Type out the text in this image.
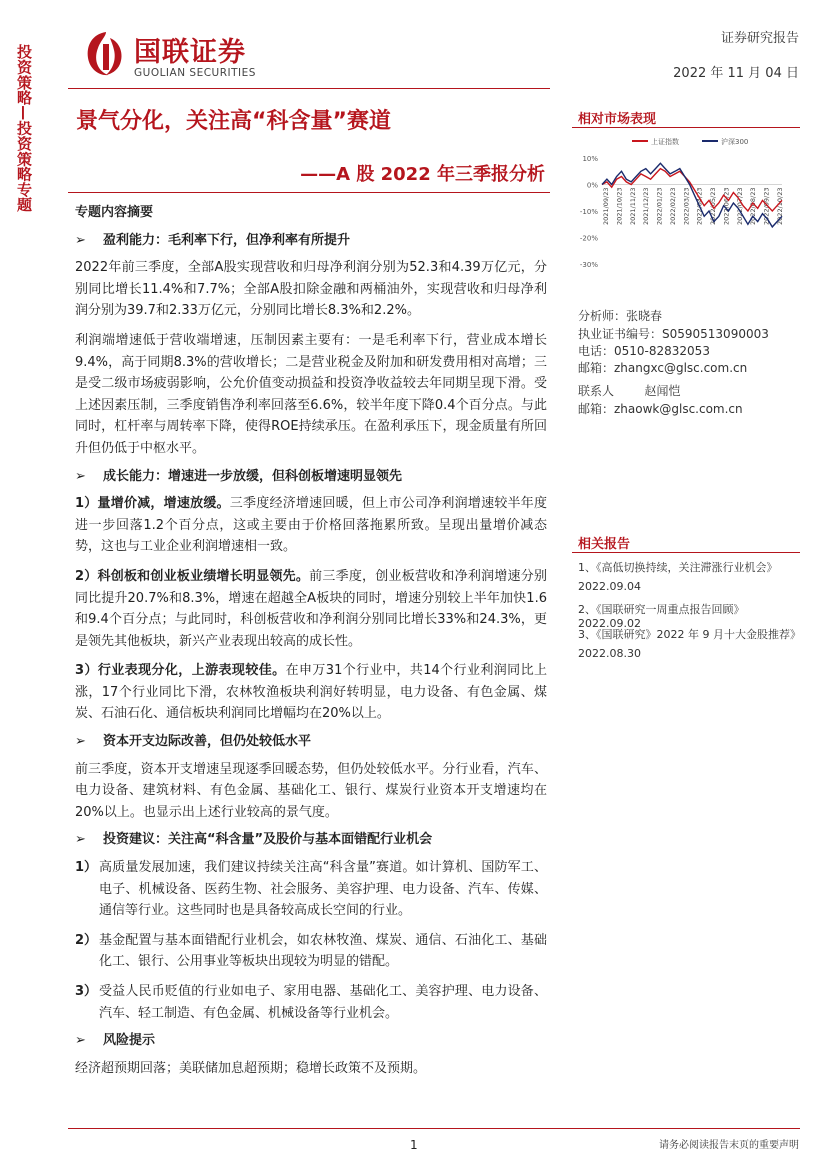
投资策略—投资策略专题	国联证券
GUOLIAN SECURITIES
证券研究报告
2022 年 11 月 04 日
景气分化，关注高“科含量”赛道
——A 股 2022 年三季报分析

专题内容摘要

➢ 盈利能力：毛利率下行，但净利率有所提升

2022年前三季度，全部A股实现营收和归母净利润分别为52.3和4.39万亿元，分别同比增长11.4%和7.7%；全部A股扣除金融和两桶油外，实现营收和归母净利润分别为39.7和2.33万亿元，分别同比增长8.3%和2.2%。

利润端增速低于营收端增速，压制因素主要有：一是毛利率下行，营业成本增长9.4%，高于同期8.3%的营收增长；二是营业税金及附加和研发费用相对高增；三是受二级市场疲弱影响，公允价值变动损益和投资净收益较去年同期呈现下滑。受上述因素压制，三季度销售净利率回落至6.6%，较半年度下降0.4个百分点。与此同时，杠杆率与周转率下降，使得ROE持续承压。在盈利承压下，现金质量有所回升但仍低于中枢水平。

➢ 成长能力：增速进一步放缓，但科创板增速明显领先

1）量增价减，增速放缓。三季度经济增速回暖，但上市公司净利润增速较半年度进一步回落1.2个百分点，这或主要由于价格回落拖累所致。呈现出量增价减态势，这也与工业企业利润增速相一致。

2）科创板和创业板业绩增长明显领先。前三季度，创业板营收和净利润增速分别同比提升20.7%和8.3%，增速在超越全A板块的同时，增速分别较上半年加快1.6和9.4个百分点；与此同时，科创板营收和净利润分别同比增长33%和24.3%，更是领先其他板块，新兴产业表现出较高的成长性。

3）行业表现分化，上游表现较佳。在申万31个行业中，共14个行业利润同比上涨，17个行业同比下滑，农林牧渔板块利润好转明显，电力设备、有色金属、煤炭、石油石化、通信板块利润同比增幅均在20%以上。

➢ 资本开支边际改善，但仍处较低水平

前三季度，资本开支增速呈现逐季回暖态势，但仍处较低水平。分行业看，汽车、电力设备、建筑材料、有色金属、基础化工、银行、煤炭行业资本开支增速均在20%以上。也显示出上述行业较高的景气度。

➢ 投资建议：关注高“科含量”及股价与基本面错配行业机会

1） 高质量发展加速，我们建议持续关注高“科含量”赛道。如计算机、国防军工、电子、机械设备、医药生物、社会服务、美容护理、电力设备、汽车、传媒、通信等行业。这些同时也是具备较高成长空间的行业。
2） 基金配置与基本面错配行业机会，如农林牧渔、煤炭、通信、石油化工、基础化工、银行、公用事业等板块出现较为明显的错配。
3） 受益人民币贬值的行业如电子、家用电器、基础化工、美容护理、电力设备、汽车、轻工制造、有色金属、机械设备等行业机会。

➢ 风险提示

经济超预期回落；美联储加息超预期；稳增长政策不及预期。

相对市场表现
上证指数	沪深300
10%
0%
-10%
-20%
-30%
2021/09/23 2021/10/23 2021/11/23 2021/12/23 2022/01/23 2022/02/23 2022/03/23 2022/04/23 2022/05/23 2022/06/23 2022/07/23 2022/08/23 2022/09/23 2022/10/23
分析师：张晓春
执业证书编号：S0590513090003
电话：0510-82832053
邮箱：zhangxc@glsc.com.cn
联系人        赵闻恺
邮箱：zhaowk@glsc.com.cn
相关报告
1、《高低切换持续，关注滞涨行业机会》
2022.09.04
2、《国联研究一周重点报告回顾》2022.09.02
3、《国联研究》2022 年 9 月十大金股推荐》
2022.08.30
1	请务必阅读报告末页的重要声明
